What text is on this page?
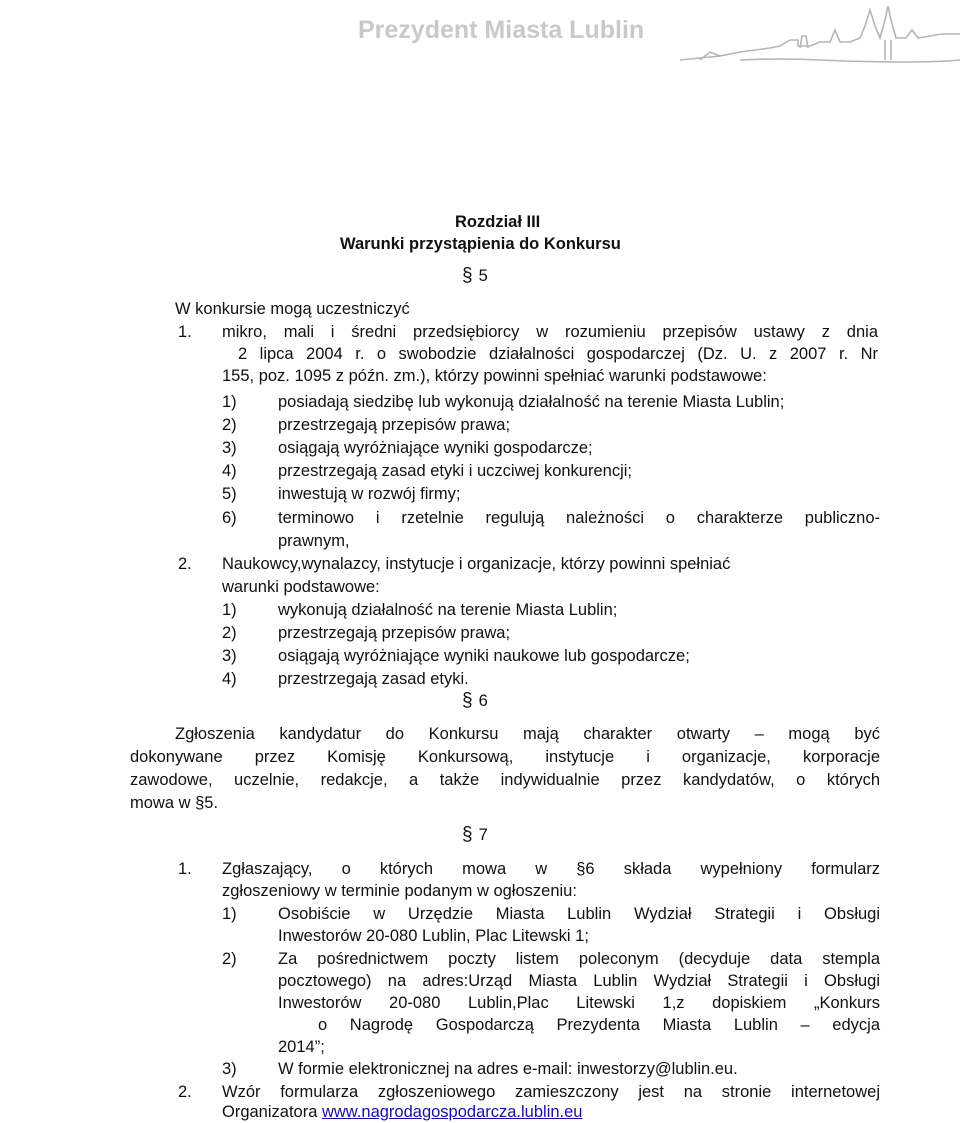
Prezydent Miasta Lublin
Rozdział III
Warunki przystąpienia do Konkursu
§ 5
W konkursie mogą uczestniczyć
1. mikro, mali i średni przedsiębiorcy w rozumieniu przepisów ustawy z dnia
2 lipca 2004 r. o swobodzie działalności gospodarczej (Dz. U. z 2007 r. Nr
155, poz. 1095 z późn. zm.), którzy powinni spełniać warunki podstawowe:
1)	posiadają siedzibę lub wykonują działalność na terenie Miasta Lublin;
2)	przestrzegają przepisów prawa;
3)	osiągają wyróżniające wyniki gospodarcze;
4)	przestrzegają zasad etyki i uczciwej konkurencji;
5)	inwestują w rozwój firmy;
6)	terminowo i rzetelnie regulują należności o charakterze publiczno-
prawnym,
2. Naukowcy,wynalazcy, instytucje i organizacje, którzy powinni spełniać
warunki podstawowe:
1)	wykonują działalność na terenie Miasta Lublin;
2)	przestrzegają przepisów prawa;
3)	osiągają wyróżniające wyniki naukowe lub gospodarcze;
4)	przestrzegają zasad etyki.
§ 6
Zgłoszenia kandydatur do Konkursu mają charakter otwarty – mogą być
dokonywane przez Komisję Konkursową, instytucje i organizacje, korporacje
zawodowe, uczelnie, redakcje, a także indywidualnie przez kandydatów, o których
mowa w §5.
§ 7
1. Zgłaszający, o których mowa w §6 składa wypełniony formularz
zgłoszeniowy w terminie podanym w ogłoszeniu:
1)	Osobiście w Urzędzie Miasta Lublin Wydział Strategii i Obsługi
Inwestorów 20-080 Lublin, Plac Litewski 1;
2)	Za pośrednictwem poczty listem poleconym (decyduje data stempla
pocztowego) na adres:Urząd Miasta Lublin Wydział Strategii i Obsługi
Inwestorów 20-080 Lublin,Plac Litewski 1,z dopiskiem „Konkurs
o Nagrodę Gospodarczą Prezydenta Miasta Lublin – edycja
2014”;
3)	W formie elektronicznej na adres e-mail: inwestorzy@lublin.eu.
2. Wzór formularza zgłoszeniowego zamieszczony jest na stronie internetowej
Organizatora www.nagrodagospodarcza.lublin.eu
